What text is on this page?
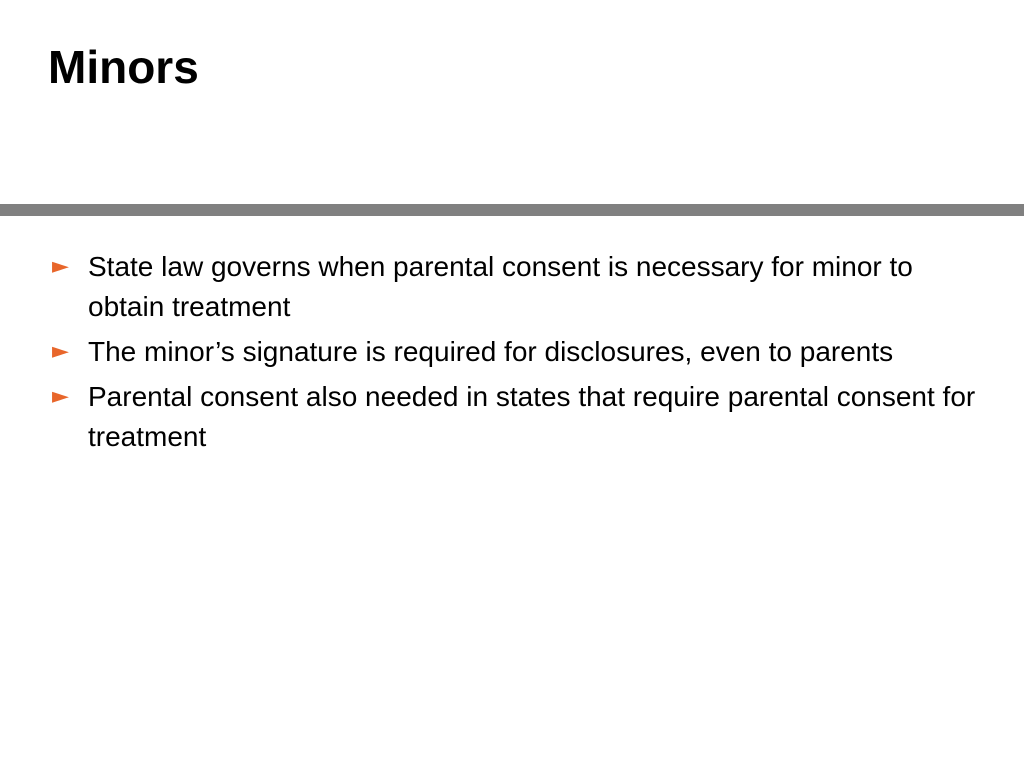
Minors
► State law governs when parental consent is necessary for minor to obtain treatment
► The minor’s signature is required for disclosures, even to parents
► Parental consent also needed in states that require parental consent for treatment
